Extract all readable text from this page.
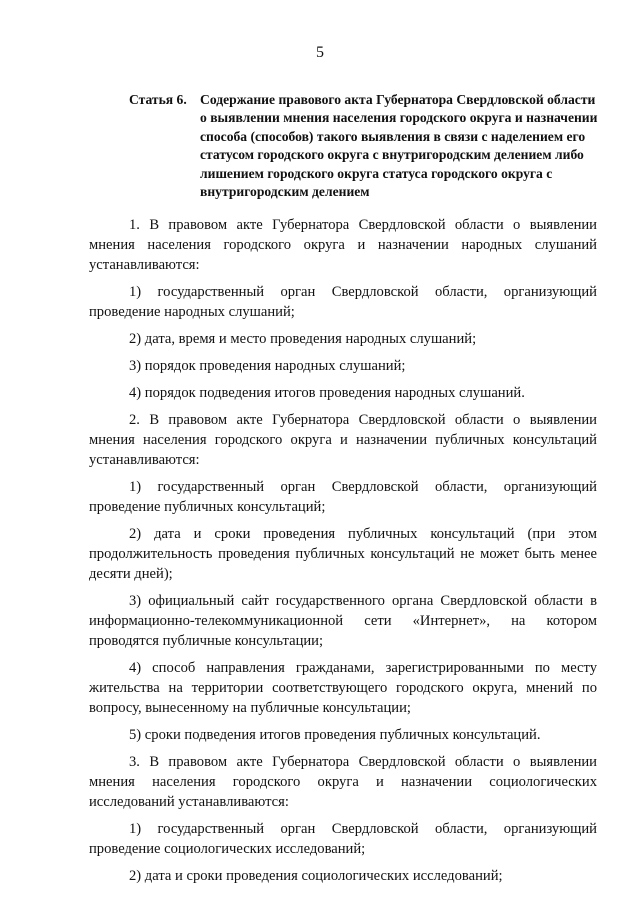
5
Статья 6. Содержание правового акта Губернатора Свердловской области о выявлении мнения населения городского округа и назначении способа (способов) такого выявления в связи с наделением его статусом городского округа с внутригородским делением либо лишением городского округа статуса городского округа с внутригородским делением

1. В правовом акте Губернатора Свердловской области о выявлении мнения населения городского округа и назначении народных слушаний устанавливаются:

1) государственный орган Свердловской области, организующий проведение народных слушаний;

2) дата, время и место проведения народных слушаний;

3) порядок проведения народных слушаний;

4) порядок подведения итогов проведения народных слушаний.

2. В правовом акте Губернатора Свердловской области о выявлении мнения населения городского округа и назначении публичных консультаций устанавливаются:

1) государственный орган Свердловской области, организующий проведение публичных консультаций;

2) дата и сроки проведения публичных консультаций (при этом продолжительность проведения публичных консультаций не может быть менее десяти дней);

3) официальный сайт государственного органа Свердловской области в информационно-телекоммуникационной сети «Интернет», на котором проводятся публичные консультации;

4) способ направления гражданами, зарегистрированными по месту жительства на территории соответствующего городского округа, мнений по вопросу, вынесенному на публичные консультации;

5) сроки подведения итогов проведения публичных консультаций.

3. В правовом акте Губернатора Свердловской области о выявлении мнения населения городского округа и назначении социологических исследований устанавливаются:

1) государственный орган Свердловской области, организующий проведение социологических исследований;

2) дата и сроки проведения социологических исследований;
